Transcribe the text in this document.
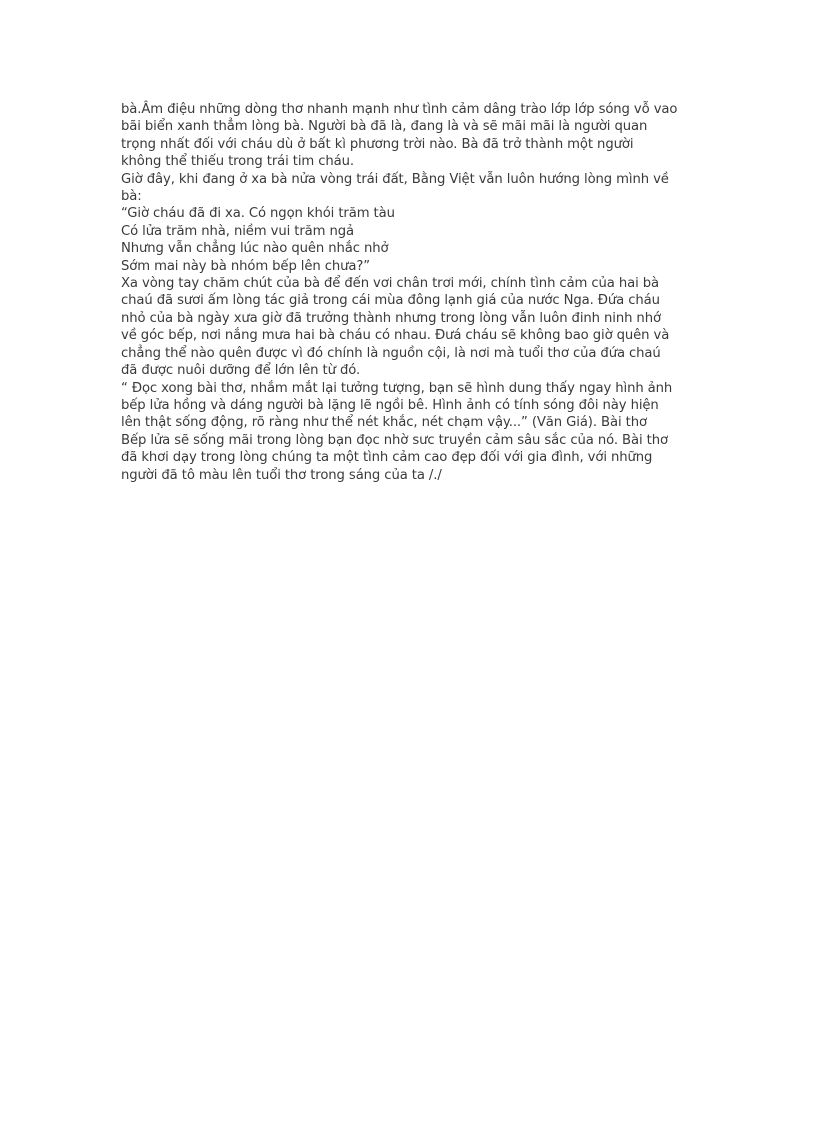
bà.Âm điệu những dòng thơ nhanh mạnh như tình cảm dâng trào lớp lớp sóng vỗ vao
bãi biển xanh thẳm lòng bà. Người bà đã là, đang là và sẽ mãi mãi là người quan
trọng nhất đối với cháu dù ở bất kì phương trời nào. Bà đã trở thành một người
không thể thiếu trong trái tim cháu.
Giờ đây, khi đang ở xa bà nửa vòng trái đất, Bằng Việt vẫn luôn hướng lòng mình về
bà:
“Giờ cháu đã đi xa. Có ngọn khói trăm tàu
Có lửa trăm nhà, niềm vui trăm ngả
Nhưng vẫn chẳng lúc nào quên nhắc nhở
Sớm mai này bà nhóm bếp lên chưa?”
Xa vòng tay chăm chút của bà để đến vơi chân trơi mới, chính tình cảm của hai bà
chaú đã sươi ấm lòng tác giả trong cái mùa đông lạnh giá của nước Nga. Đứa cháu
nhỏ của bà ngày xưa giờ đã trưởng thành nhưng trong lòng vẫn luôn đinh ninh nhớ
về góc bếp, nơi nắng mưa hai bà cháu có nhau. Đưá cháu sẽ không bao giờ quên và
chẳng thể nào quên được vì đó chính là nguồn cội, là nơi mà tuổi thơ của đứa chaú
đã được nuôi dưỡng để lớn lên từ đó.
“ Đọc xong bài thơ, nhắm mắt lại tưởng tượng, bạn sẽ hình dung thấy ngay hình ảnh
bếp lửa hồng và dáng người bà lặng lẽ ngồi bê. Hình ảnh có tính sóng đôi này hiện
lên thật sống động, rõ ràng như thể nét khắc, nét chạm vậy...” (Văn Giá). Bài thơ
Bếp lửa sẽ sống mãi trong lòng bạn đọc nhờ sưc truyền cảm sâu sắc của nó. Bài thơ
đã khơi dạy trong lòng chúng ta một tình cảm cao đẹp đối với gia đình, với những
người đã tô màu lên tuổi thơ trong sáng của ta /./
